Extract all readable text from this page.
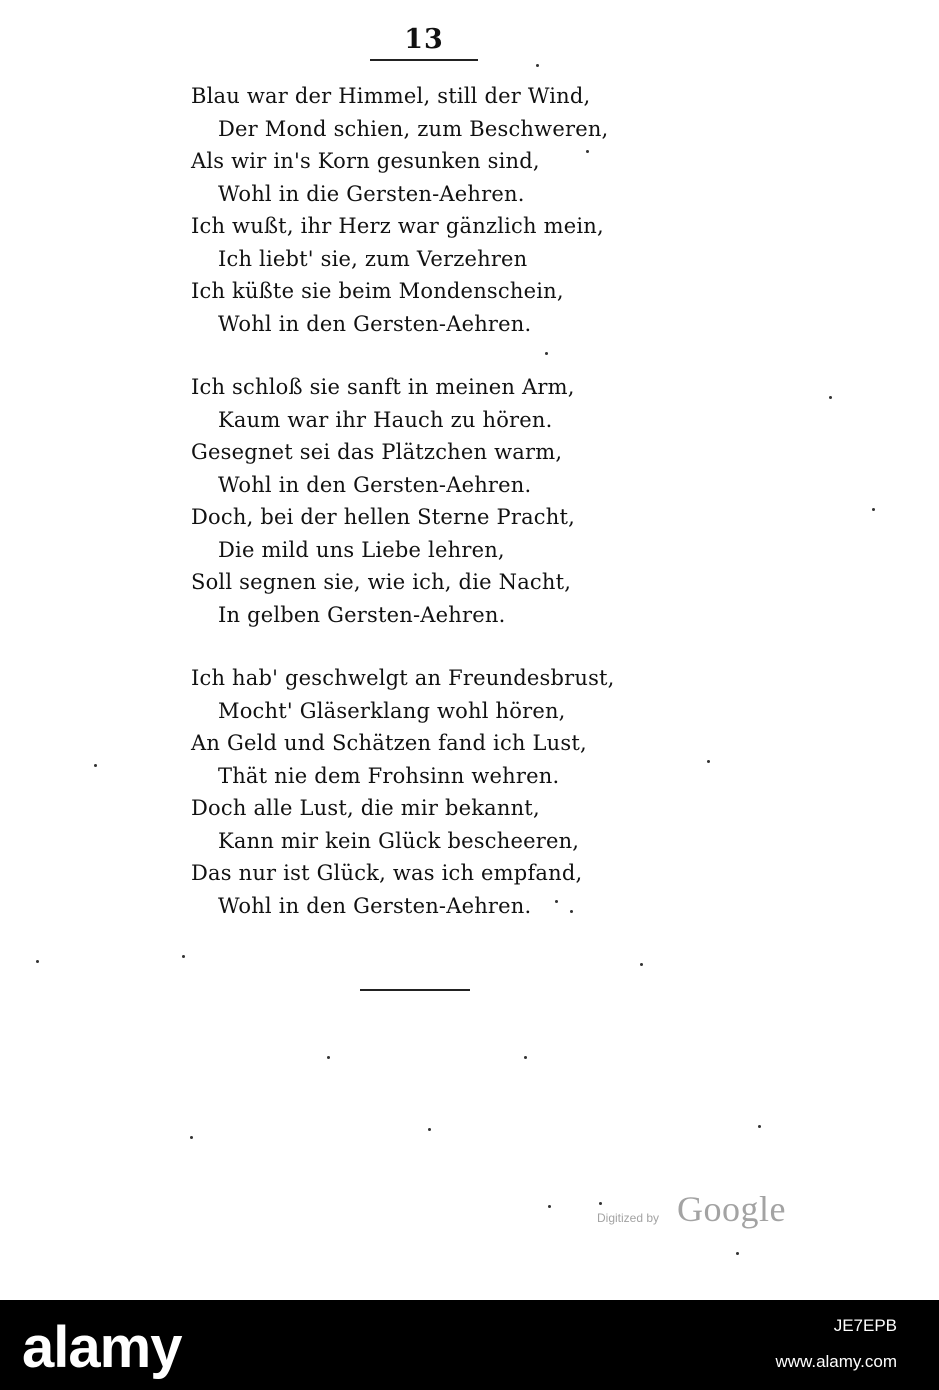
13
Blau war der Himmel, still der Wind,
Der Mond schien, zum Beschweren,
Als wir in's Korn gesunken sind,
Wohl in die Gersten-Aehren.
Ich wußt, ihr Herz war gänzlich mein,
Ich liebt' sie, zum Verzehren
Ich küßte sie beim Mondenschein,
Wohl in den Gersten-Aehren.
Ich schloß sie sanft in meinen Arm,
Kaum war ihr Hauch zu hören.
Gesegnet sei das Plätzchen warm,
Wohl in den Gersten-Aehren.
Doch, bei der hellen Sterne Pracht,
Die mild uns Liebe lehren,
Soll segnen sie, wie ich, die Nacht,
In gelben Gersten-Aehren.
Ich hab' geschwelgt an Freundesbrust,
Mocht' Gläserklang wohl hören,
An Geld und Schätzen fand ich Lust,
Thät nie dem Frohsinn wehren.
Doch alle Lust, die mir bekannt,
Kann mir kein Glück bescheeren,
Das nur ist Glück, was ich empfand,
Wohl in den Gersten-Aehren.
Digitized by Google
alamy	JE7EPB
www.alamy.com
